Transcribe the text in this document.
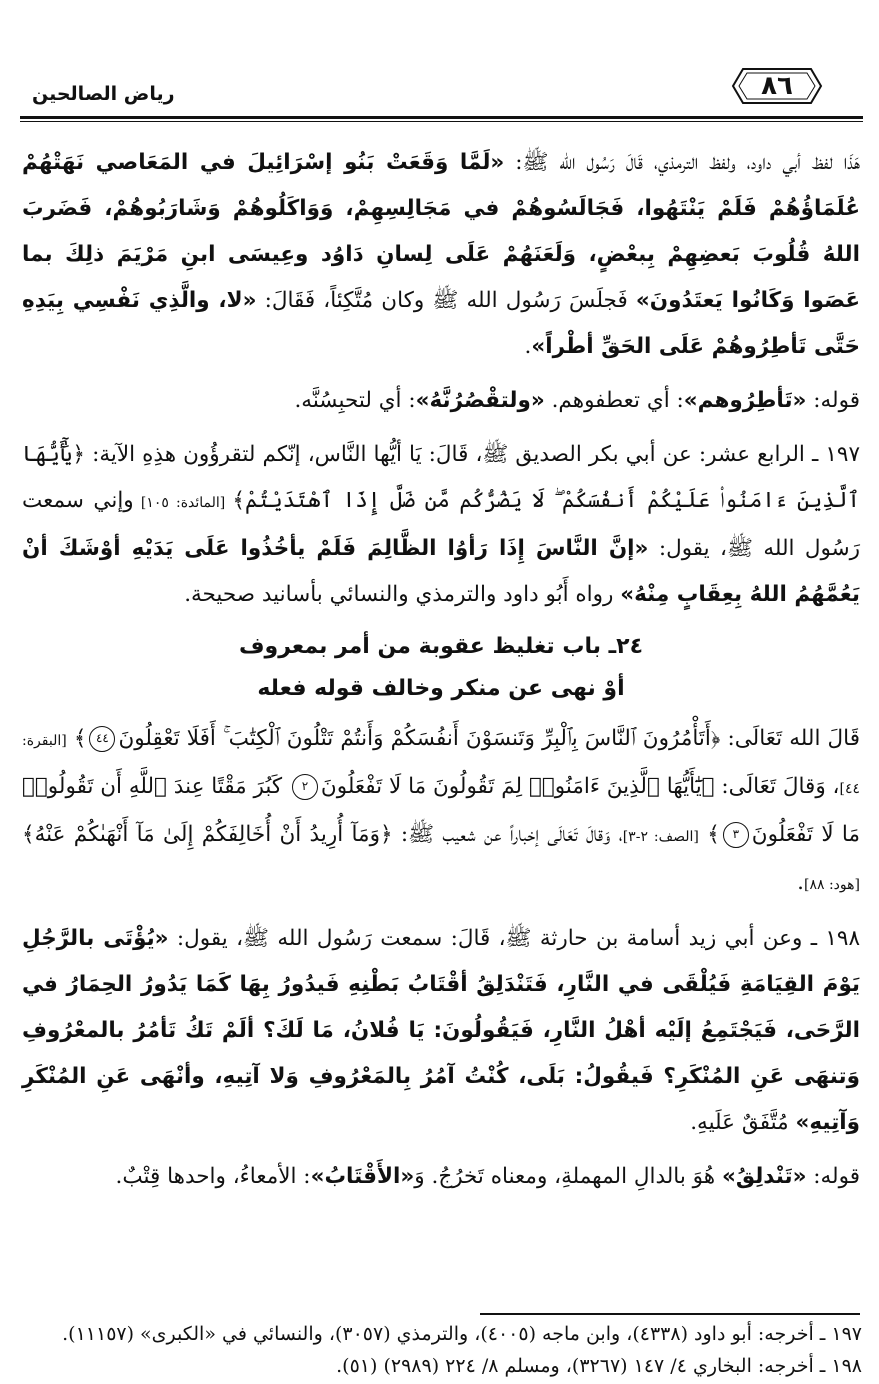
رياض الصالحين	٨٦

هَذَا لفظ أبي داود، ولفظ الترمذي، قَالَ رَسُول الله ﷺ: «لَمَّا وَقَعَتْ بَنُو إسْرَائِيلَ في المَعَاصي نَهَتْهُمْ عُلَمَاؤُهُمْ فَلَمْ يَنْتَهُوا، فَجَالَسُوهُمْ في مَجَالِسِهِمْ، وَوَاكَلُوهُمْ وَشَارَبُوهُمْ، فَضَربَ اللهُ قُلُوبَ بَعضِهِمْ بِبعْضٍ، وَلَعَنَهُمْ عَلَى لِسانِ دَاوُد وعِيسَى ابنِ مَرْيَمَ ذلِكَ بما عَصَوا وَكَانُوا يَعتَدُونَ» فَجلَسَ رَسُول الله ﷺ وكان مُتَّكِئاً، فَقَالَ: «لا، والَّذِي نَفْسِي بِيَدِهِ حَتَّى تَأطِرُوهُمْ عَلَى الحَقِّ أطْراً».

قوله: «تَأطِرُوهم»: أي تعطفوهم. «ولتقْصُرُنَّهُ»: أي لتحبِسُنَّه.

١٩٧ ـ الرابع عشر: عن أبي بكر الصديق ﷺ، قَالَ: يَا أيُّها النَّاس، إنّكم لتقرؤُون هذِهِ الآية: ﴿يَٰٓأَيُّهَا ٱلَّذِينَ ءَامَنُوا۟ عَلَيْكُمْ أَنفُسَكُمْ ۖ لَا يَضُرُّكُم مَّن ضَلَّ إِذَا ٱهْتَدَيْتُمْ﴾ [المائدة: ١٠٥] وإني سمعت رَسُول الله ﷺ، يقول: «إنَّ النَّاسَ إِذَا رَأوُا الظَّالِمَ فَلَمْ يأخُذُوا عَلَى يَدَيْهِ أوْشَكَ أنْ يَعُمَّهُمُ اللهُ بِعِقَابٍ مِنْهُ» رواه أَبُو داود والترمذي والنسائي بأسانيد صحيحة.

٢٤ـ باب تغليظ عقوبة من أمر بمعروف
أوْ نهى عن منكر وخالف قوله فعله

قَالَ الله تَعَالَى: ﴿أَتَأْمُرُونَ ٱلنَّاسَ بِٱلْبِرِّ وَتَنسَوْنَ أَنفُسَكُمْ وَأَنتُمْ تَتْلُونَ ٱلْكِتَٰبَ ۚ أَفَلَا تَعْقِلُونَ٤٤﴾ [البقرة: ٤٤]، وَقالَ تَعَالَى: ﴿يَٰٓأَيُّهَا ٱلَّذِينَ ءَامَنُوا۟ لِمَ تَقُولُونَ مَا لَا تَفْعَلُونَ٢ كَبُرَ مَقْتًا عِندَ ٱللَّهِ أَن تَقُولُوا۟ مَا لَا تَفْعَلُونَ٣﴾ [الصف: ٢-٣]، وَقالَ تَعَالَى إخباراً عن شعيب ﷺ: ﴿وَمَآ أُرِيدُ أَنْ أُخَالِفَكُمْ إِلَىٰ مَآ أَنْهَىٰكُمْ عَنْهُ﴾ [هود: ٨٨].

١٩٨ ـ وعن أبي زيد أسامة بن حارثة ﷺ، قَالَ: سمعت رَسُول الله ﷺ، يقول: «يُؤْتَى بالرَّجُلِ يَوْمَ القِيَامَةِ فَيُلْقَى في النَّارِ، فَتَنْدَلِقُ أقْتَابُ بَطْنِهِ فَيدُورُ بِهَا كَمَا يَدُورُ الحِمَارُ في الرَّحَى، فَيَجْتَمِعُ إلَيْه أهْلُ النَّارِ، فَيَقُولُونَ: يَا فُلانُ، مَا لَكَ؟ ألَمْ تَكُ تَأمُرُ بالمعْرُوفِ وَتنهَى عَنِ المُنْكَرِ؟ فَيقُولُ: بَلَى، كُنْتُ آمُرُ بِالمَعْرُوفِ وَلا آتِيهِ، وأنْهَى عَنِ المُنْكَرِ وَآتِيهِ» مُتَّفَقٌ عَلَيهِ.

قوله: «تَنْدلِقُ» هُوَ بالدالِ المهملةِ، ومعناه تَخرُجُ. وَ«الأَقْتَابُ»: الأمعاءُ، واحدها قِتْبٌ.

١٩٧ ـ أخرجه: أبو داود (٤٣٣٨)، وابن ماجه (٤٠٠٥)، والترمذي (٣٠٥٧)، والنسائي في «الكبرى» (١١١٥٧).

١٩٨ ـ أخرجه: البخاري ٤/ ١٤٧ (٣٢٦٧)، ومسلم ٨/ ٢٢٤ (٢٩٨٩) (٥١).
